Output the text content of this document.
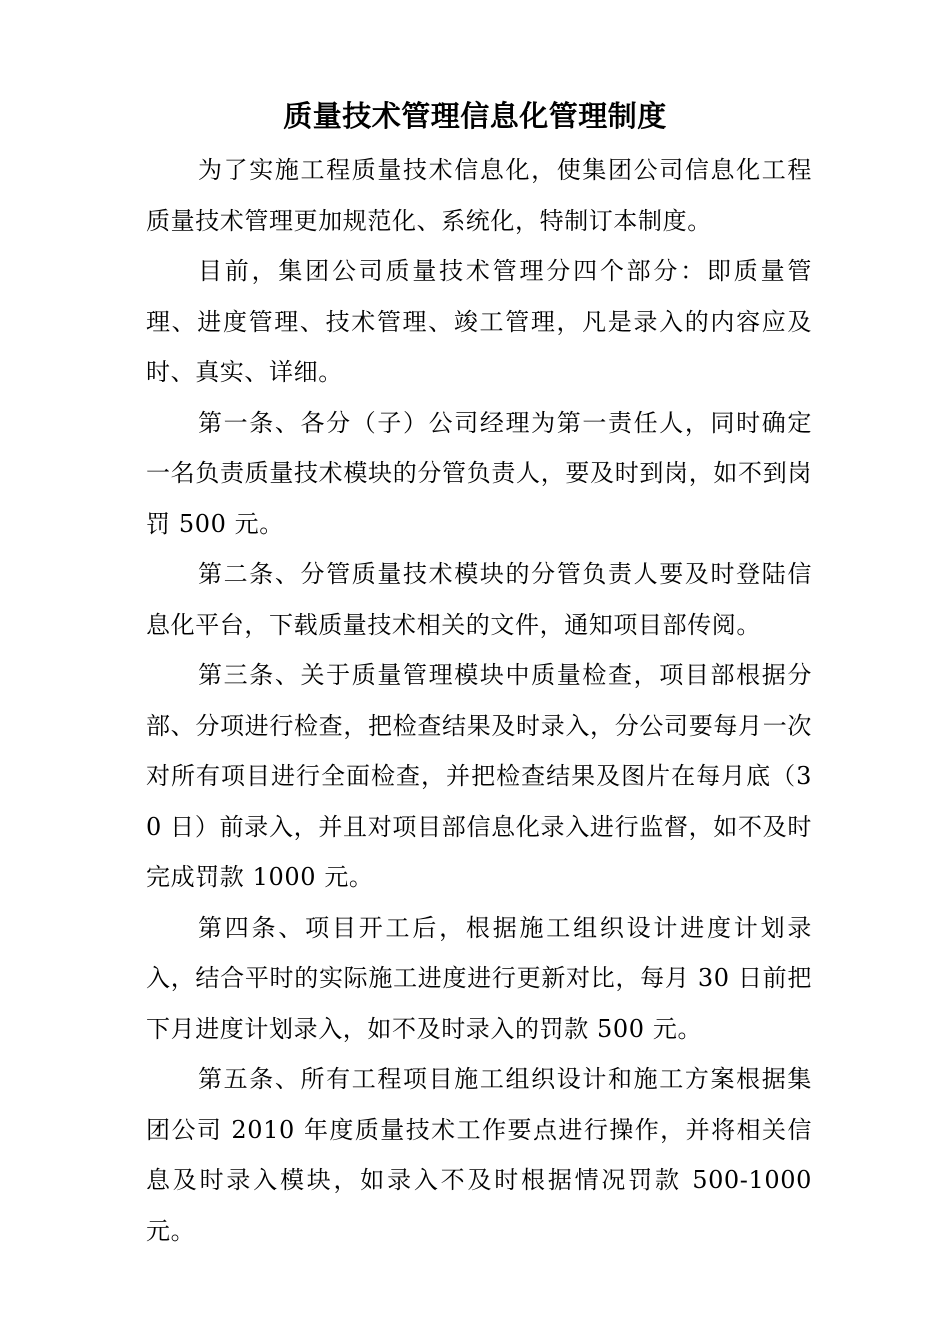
质量技术管理信息化管理制度

为了实施工程质量技术信息化，使集团公司信息化工程质量技术管理更加规范化、系统化，特制订本制度。

目前，集团公司质量技术管理分四个部分：即质量管理、进度管理、技术管理、竣工管理，凡是录入的内容应及时、真实、详细。

第一条、各分（子）公司经理为第一责任人，同时确定一名负责质量技术模块的分管负责人，要及时到岗，如不到岗罚 500 元。

第二条、分管质量技术模块的分管负责人要及时登陆信息化平台，下载质量技术相关的文件，通知项目部传阅。

第三条、关于质量管理模块中质量检查，项目部根据分部、分项进行检查，把检查结果及时录入，分公司要每月一次对所有项目进行全面检查，并把检查结果及图片在每月底（30 日）前录入，并且对项目部信息化录入进行监督，如不及时完成罚款 1000 元。

第四条、项目开工后，根据施工组织设计进度计划录入，结合平时的实际施工进度进行更新对比，每月 30 日前把下月进度计划录入，如不及时录入的罚款 500 元。

第五条、所有工程项目施工组织设计和施工方案根据集团公司 2010 年度质量技术工作要点进行操作，并将相关信息及时录入模块，如录入不及时根据情况罚款 500-1000 元。
